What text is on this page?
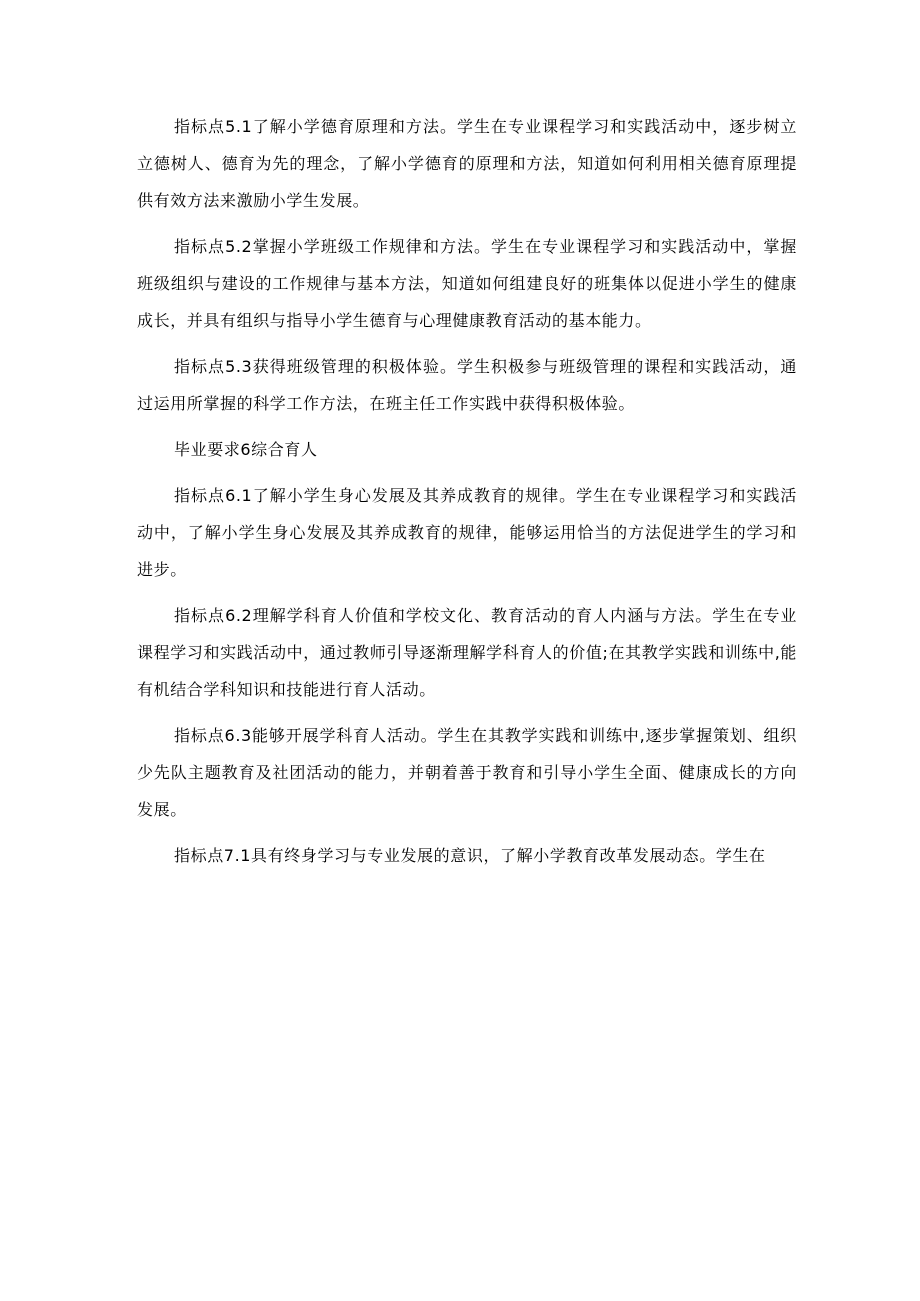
指标点5.1了解小学德育原理和方法。学生在专业课程学习和实践活动中，逐步树立立德树人、德育为先的理念，了解小学德育的原理和方法，知道如何利用相关德育原理提供有效方法来激励小学生发展。

指标点5.2掌握小学班级工作规律和方法。学生在专业课程学习和实践活动中，掌握班级组织与建设的工作规律与基本方法，知道如何组建良好的班集体以促进小学生的健康成长，并具有组织与指导小学生德育与心理健康教育活动的基本能力。

指标点5.3获得班级管理的积极体验。学生积极参与班级管理的课程和实践活动，通过运用所掌握的科学工作方法，在班主任工作实践中获得积极体验。

毕业要求6综合育人

指标点6.1了解小学生身心发展及其养成教育的规律。学生在专业课程学习和实践活动中，了解小学生身心发展及其养成教育的规律，能够运用恰当的方法促进学生的学习和进步。

指标点6.2理解学科育人价值和学校文化、教育活动的育人内涵与方法。学生在专业课程学习和实践活动中，通过教师引导逐渐理解学科育人的价值;在其教学实践和训练中,能有机结合学科知识和技能进行育人活动。

指标点6.3能够开展学科育人活动。学生在其教学实践和训练中,逐步掌握策划、组织少先队主题教育及社团活动的能力，并朝着善于教育和引导小学生全面、健康成长的方向发展。

指标点7.1具有终身学习与专业发展的意识，了解小学教育改革发展动态。学生在
